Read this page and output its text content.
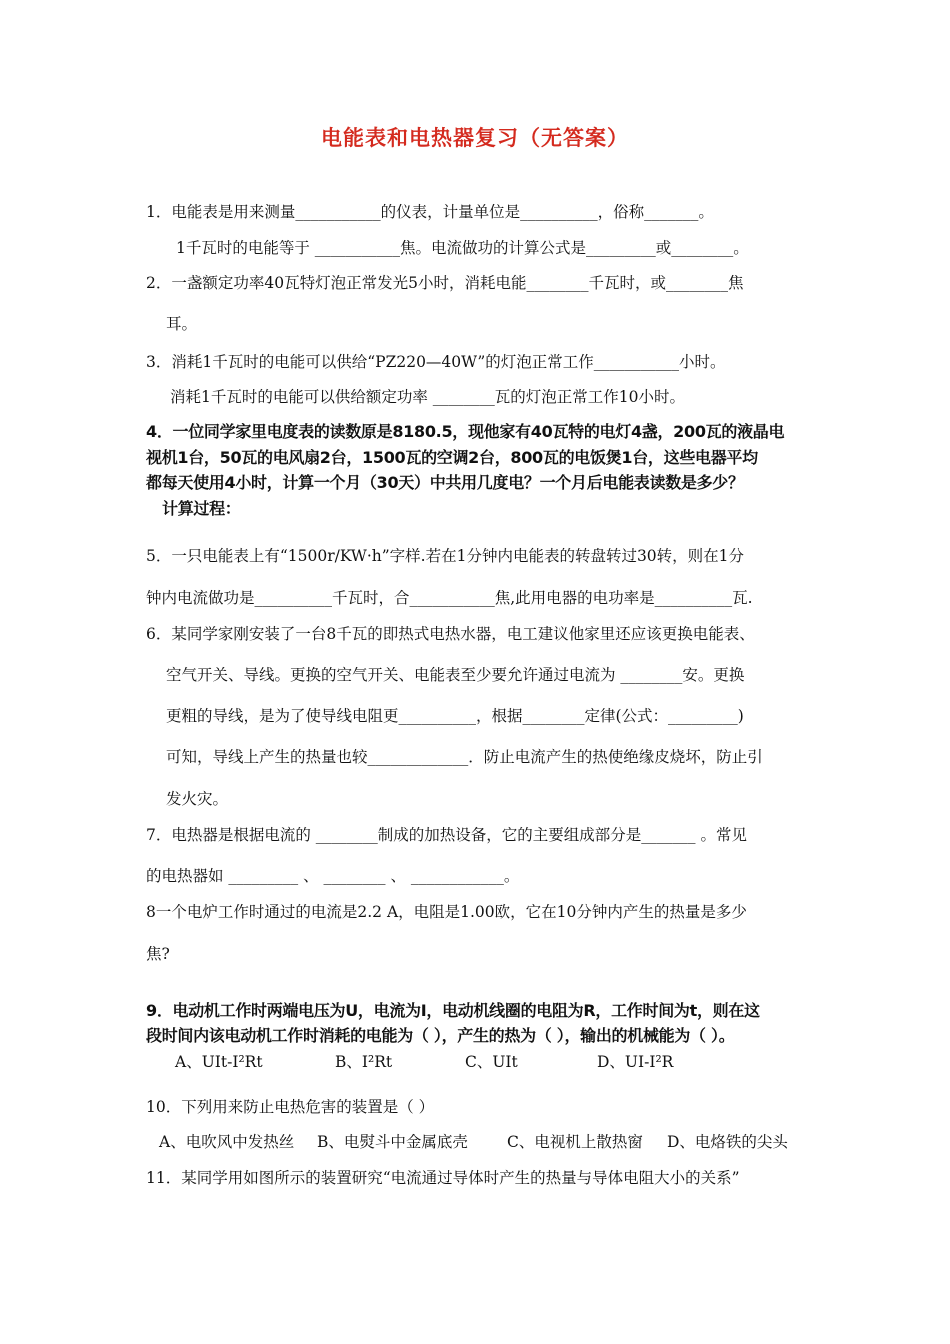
电能表和电热器复习（无答案）
1．电能表是用来测量___________的仪表，计量单位是__________，俗称_______。
1千瓦时的电能等于 ___________焦。电流做功的计算公式是_________或________。
2．一盏额定功率40瓦特灯泡正常发光5小时，消耗电能________千瓦时，或________焦
耳。
3．消耗1千瓦时的电能可以供给“PZ220—40W”的灯泡正常工作___________小时。
消耗1千瓦时的电能可以供给额定功率 ________瓦的灯泡正常工作10小时。
4．一位同学家里电度表的读数原是8180.5，现他家有40瓦特的电灯4盏，200瓦的液晶电
视机1台，50瓦的电风扇2台，1500瓦的空调2台，800瓦的电饭煲1台，这些电器平均
都每天使用4小时，计算一个月（30天）中共用几度电？一个月后电能表读数是多少？
计算过程：
5．一只电能表上有“1500r/KW·h”字样.若在1分钟内电能表的转盘转过30转，则在1分
钟内电流做功是__________千瓦时，合___________焦,此用电器的电功率是__________瓦.
6．某同学家刚安装了一台8千瓦的即热式电热水器，电工建议他家里还应该更换电能表、
空气开关、导线。更换的空气开关、电能表至少要允许通过电流为 ________安。更换
更粗的导线，是为了使导线电阻更__________，根据________定律(公式：_________)
可知，导线上产生的热量也较_____________．防止电流产生的热使绝缘皮烧坏，防止引
发火灾。
7．电热器是根据电流的 ________制成的加热设备，它的主要组成部分是_______ 。常见
的电热器如 _________ 、 ________ 、 ____________。
8一个电炉工作时通过的电流是2.2 A，电阻是1.00欧，它在10分钟内产生的热量是多少
焦?
9．电动机工作时两端电压为U，电流为I，电动机线圈的电阻为R，工作时间为t，则在这
段时间内该电动机工作时消耗的电能为（ ），产生的热为（ ），输出的机械能为（ ）。
A、UIt-I²Rt	B、I²Rt	C、UIt	D、UI-I²R
10．下列用来防止电热危害的装置是（ ）
A、电吹风中发热丝 B、电熨斗中金属底壳	C、电视机上散热窗 D、电烙铁的尖头
11．某同学用如图所示的装置研究“电流通过导体时产生的热量与导体电阻大小的关系”
